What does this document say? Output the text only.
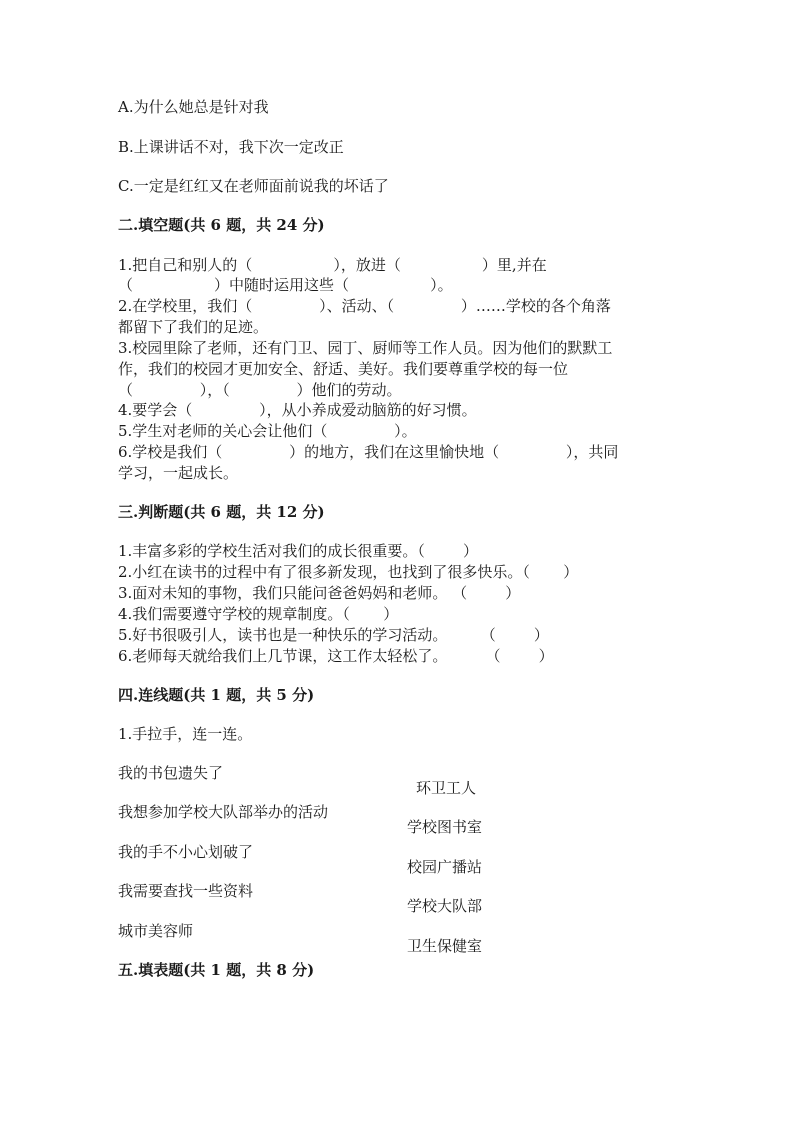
A.为什么她总是针对我

B.上课讲话不对，我下次一定改正

C.一定是红红又在老师面前说我的坏话了

二.填空题(共 6 题，共 24 分)

1.把自己和别人的（                 ），放进（                 ）里,并在

（                 ）中随时运用这些（                 ）。

2.在学校里，我们（              ）、活动、（              ）……学校的各个角落

都留下了我们的足迹。

3.校园里除了老师，还有门卫、园丁、厨师等工作人员。因为他们的默默工

作，我们的校园才更加安全、舒适、美好。我们要尊重学校的每一位

（              ），（              ）他们的劳动。

4.要学会（              ），从小养成爱动脑筋的好习惯。

5.学生对老师的关心会让他们（              ）。

6.学校是我们（              ）的地方，我们在这里愉快地（              ），共同

学习，一起成长。

三.判断题(共 6 题，共 12 分)

1.丰富多彩的学校生活对我们的成长很重要。（        ）

2.小红在读书的过程中有了很多新发现，也找到了很多快乐。（       ）

3.面对未知的事物，我们只能问爸爸妈妈和老师。 （        ）

4.我们需要遵守学校的规章制度。（       ）

5.好书很吸引人，读书也是一种快乐的学习活动。       （        ）

6.老师每天就给我们上几节课，这工作太轻松了。        （        ）

四.连线题(共 1 题，共 5 分)

1.手拉手，连一连。

我的书包遗失了

我想参加学校大队部举办的活动

我的手不小心划破了

我需要查找一些资料

城市美容师

环卫工人

学校图书室

校园广播站

学校大队部

卫生保健室

五.填表题(共 1 题，共 8 分)
